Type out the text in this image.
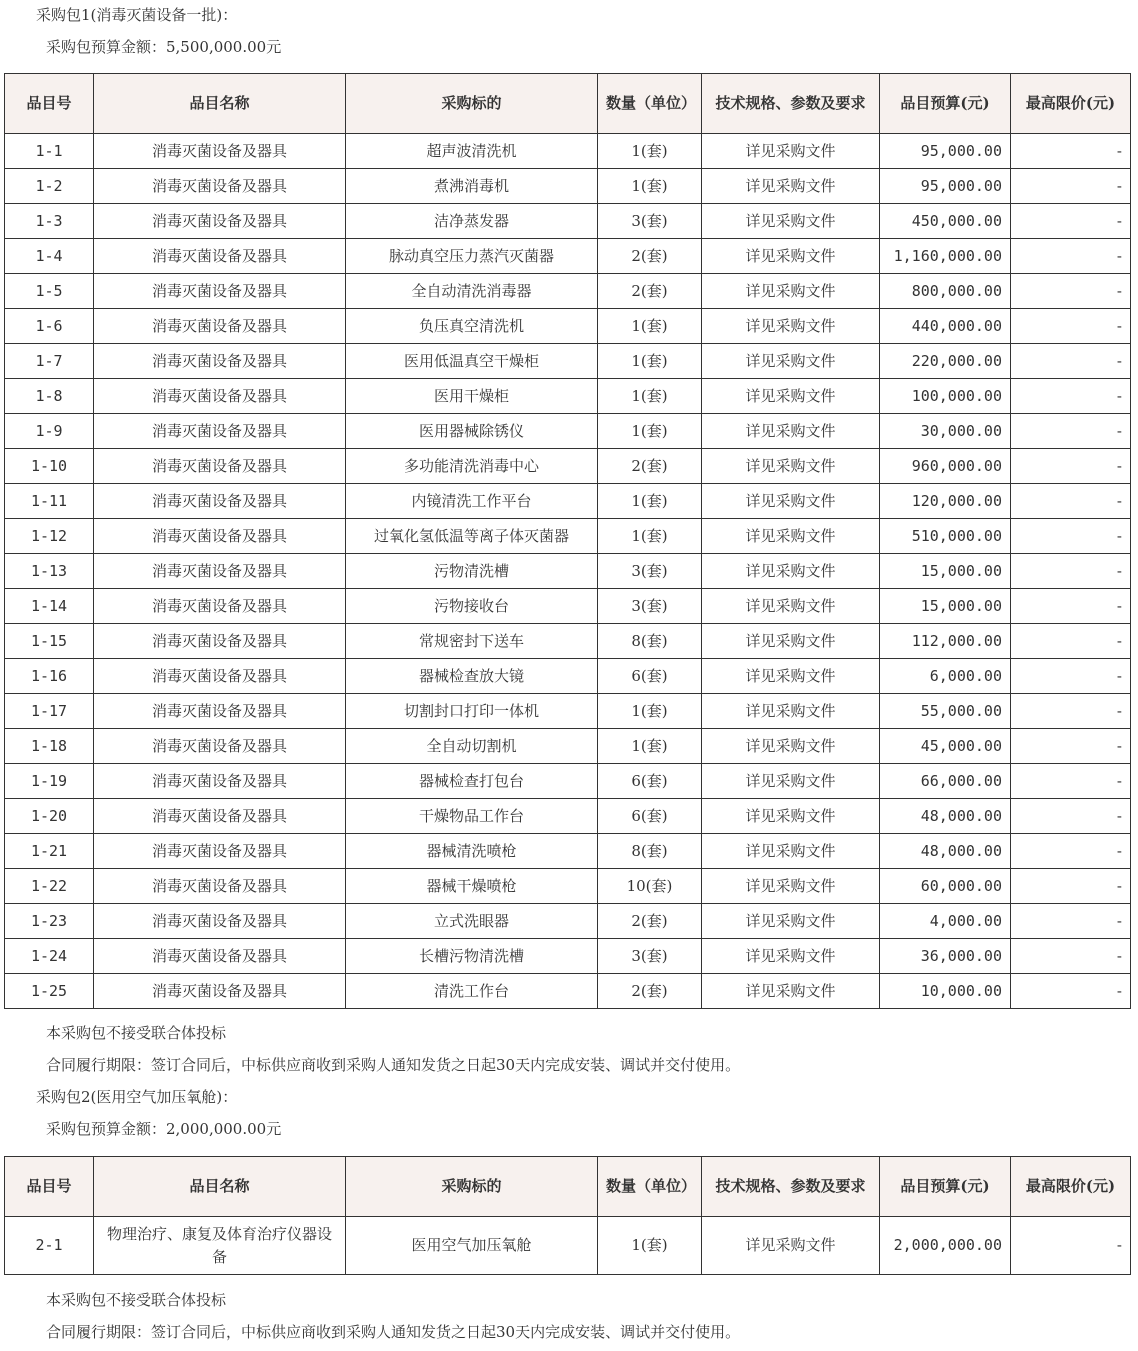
采购包1(消毒灭菌设备一批)：
采购包预算金额：5,500,000.00元
品目号	品目名称	采购标的	数量（单位）	技术规格、参数及要求	品目预算(元)	最高限价(元)
1-1	消毒灭菌设备及器具	超声波清洗机	1(套)	详见采购文件	95,000.00	-
1-2	消毒灭菌设备及器具	煮沸消毒机	1(套)	详见采购文件	95,000.00	-
1-3	消毒灭菌设备及器具	洁净蒸发器	3(套)	详见采购文件	450,000.00	-
1-4	消毒灭菌设备及器具	脉动真空压力蒸汽灭菌器	2(套)	详见采购文件	1,160,000.00	-
1-5	消毒灭菌设备及器具	全自动清洗消毒器	2(套)	详见采购文件	800,000.00	-
1-6	消毒灭菌设备及器具	负压真空清洗机	1(套)	详见采购文件	440,000.00	-
1-7	消毒灭菌设备及器具	医用低温真空干燥柜	1(套)	详见采购文件	220,000.00	-
1-8	消毒灭菌设备及器具	医用干燥柜	1(套)	详见采购文件	100,000.00	-
1-9	消毒灭菌设备及器具	医用器械除锈仪	1(套)	详见采购文件	30,000.00	-
1-10	消毒灭菌设备及器具	多功能清洗消毒中心	2(套)	详见采购文件	960,000.00	-
1-11	消毒灭菌设备及器具	内镜清洗工作平台	1(套)	详见采购文件	120,000.00	-
1-12	消毒灭菌设备及器具	过氧化氢低温等离子体灭菌器	1(套)	详见采购文件	510,000.00	-
1-13	消毒灭菌设备及器具	污物清洗槽	3(套)	详见采购文件	15,000.00	-
1-14	消毒灭菌设备及器具	污物接收台	3(套)	详见采购文件	15,000.00	-
1-15	消毒灭菌设备及器具	常规密封下送车	8(套)	详见采购文件	112,000.00	-
1-16	消毒灭菌设备及器具	器械检查放大镜	6(套)	详见采购文件	6,000.00	-
1-17	消毒灭菌设备及器具	切割封口打印一体机	1(套)	详见采购文件	55,000.00	-
1-18	消毒灭菌设备及器具	全自动切割机	1(套)	详见采购文件	45,000.00	-
1-19	消毒灭菌设备及器具	器械检查打包台	6(套)	详见采购文件	66,000.00	-
1-20	消毒灭菌设备及器具	干燥物品工作台	6(套)	详见采购文件	48,000.00	-
1-21	消毒灭菌设备及器具	器械清洗喷枪	8(套)	详见采购文件	48,000.00	-
1-22	消毒灭菌设备及器具	器械干燥喷枪	10(套)	详见采购文件	60,000.00	-
1-23	消毒灭菌设备及器具	立式洗眼器	2(套)	详见采购文件	4,000.00	-
1-24	消毒灭菌设备及器具	长槽污物清洗槽	3(套)	详见采购文件	36,000.00	-
1-25	消毒灭菌设备及器具	清洗工作台	2(套)	详见采购文件	10,000.00	-
本采购包不接受联合体投标
合同履行期限：签订合同后，中标供应商收到采购人通知发货之日起30天内完成安装、调试并交付使用。
采购包2(医用空气加压氧舱)：
采购包预算金额：2,000,000.00元
品目号	品目名称	采购标的	数量（单位）	技术规格、参数及要求	品目预算(元)	最高限价(元)
2-1	物理治疗、康复及体育治疗仪器设备	医用空气加压氧舱	1(套)	详见采购文件	2,000,000.00	-
本采购包不接受联合体投标
合同履行期限：签订合同后，中标供应商收到采购人通知发货之日起30天内完成安装、调试并交付使用。
